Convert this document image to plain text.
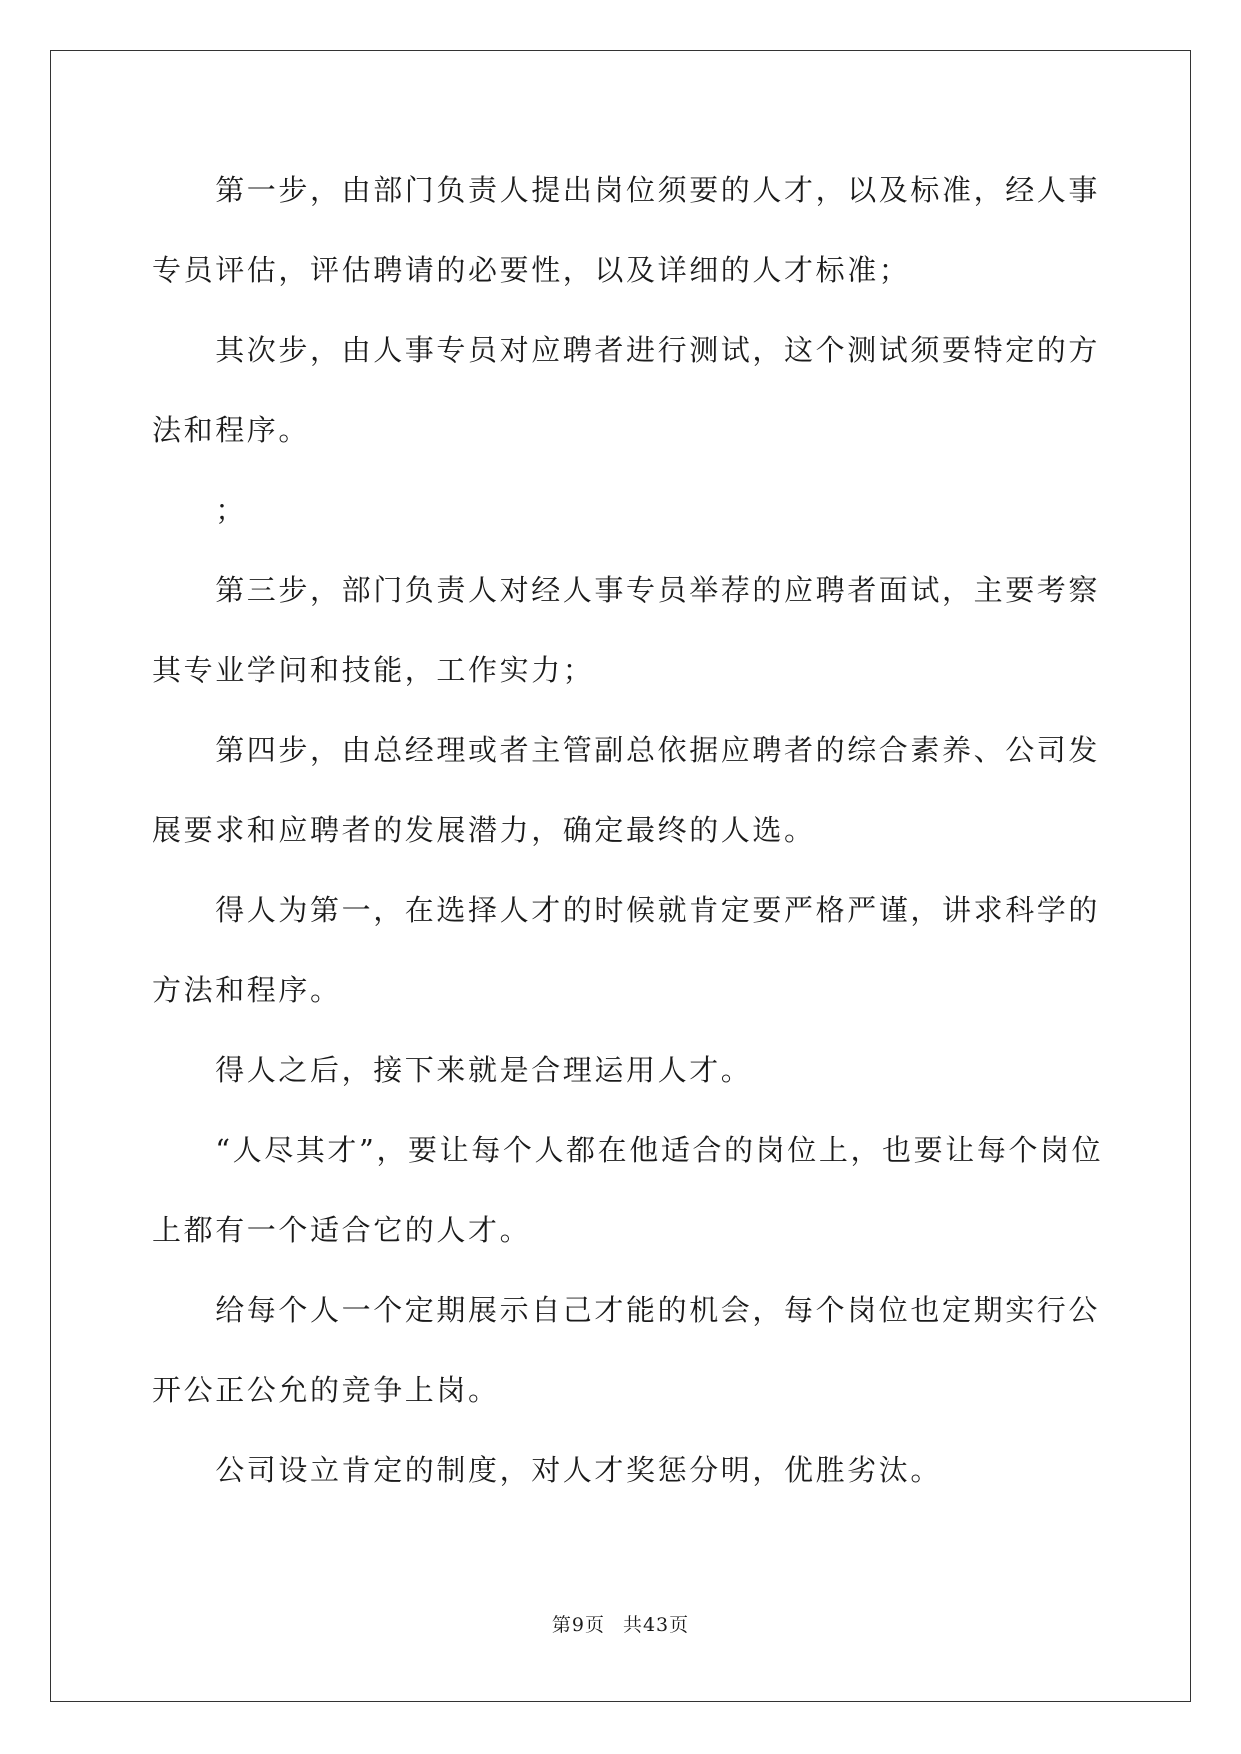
　　第一步，由部门负责人提出岗位须要的人才，以及标准，经人事
专员评估，评估聘请的必要性，以及详细的人才标准；
　　其次步，由人事专员对应聘者进行测试，这个测试须要特定的方
法和程序。
　　；
　　第三步，部门负责人对经人事专员举荐的应聘者面试，主要考察
其专业学问和技能，工作实力；
　　第四步，由总经理或者主管副总依据应聘者的综合素养、公司发
展要求和应聘者的发展潜力，确定最终的人选。
　　得人为第一，在选择人才的时候就肯定要严格严谨，讲求科学的
方法和程序。
　　得人之后，接下来就是合理运用人才。
　　“人尽其才”，要让每个人都在他适合的岗位上，也要让每个岗位
上都有一个适合它的人才。
　　给每个人一个定期展示自己才能的机会，每个岗位也定期实行公
开公正公允的竞争上岗。
　　公司设立肯定的制度，对人才奖惩分明，优胜劣汰。
第9页 共43页
